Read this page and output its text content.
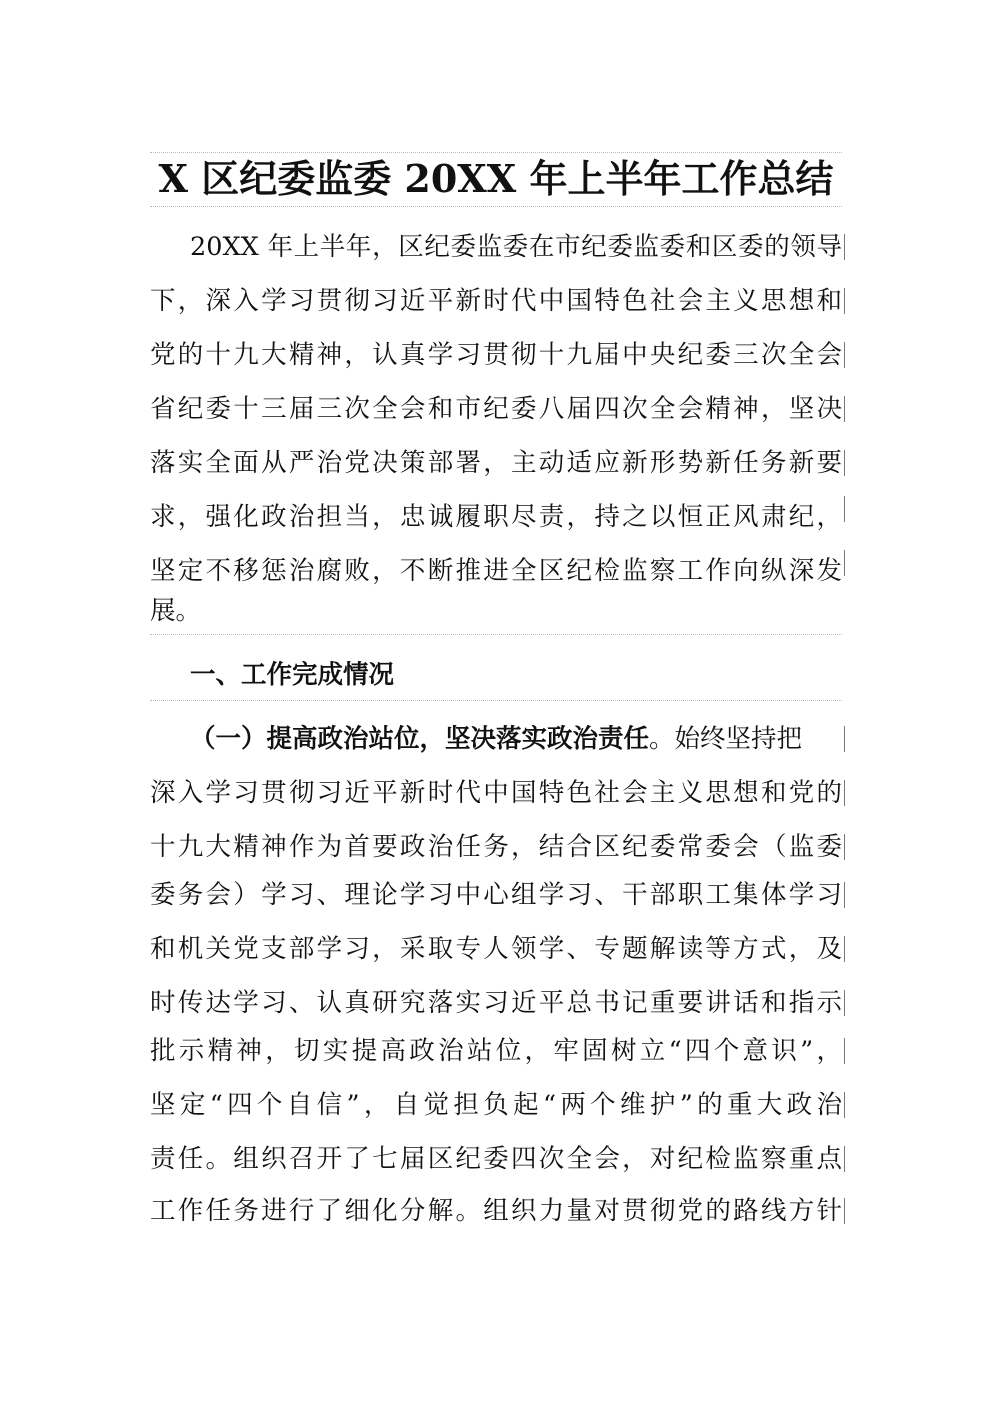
X 区纪委监委 20XX 年上半年工作总结
20XX 年上半年，区纪委监委在市纪委监委和区委的领导
下，深入学习贯彻习近平新时代中国特色社会主义思想和
党的十九大精神，认真学习贯彻十九届中央纪委三次全会
省纪委十三届三次全会和市纪委八届四次全会精神，坚决
落实全面从严治党决策部署，主动适应新形势新任务新要
求，强化政治担当，忠诚履职尽责，持之以恒正风肃纪，
坚定不移惩治腐败，不断推进全区纪检监察工作向纵深发
展。
一、工作完成情况
（一）提高政治站位，坚决落实政治责任。始终坚持把
深入学习贯彻习近平新时代中国特色社会主义思想和党的
十九大精神作为首要政治任务，结合区纪委常委会（监委
委务会）学习、理论学习中心组学习、干部职工集体学习
和机关党支部学习，采取专人领学、专题解读等方式，及
时传达学习、认真研究落实习近平总书记重要讲话和指示
批示精神，切实提高政治站位，牢固树立“四个意识”，
坚定“四个自信”，自觉担负起“两个维护”的重大政治
责任。组织召开了七届区纪委四次全会，对纪检监察重点
工作任务进行了细化分解。组织力量对贯彻党的路线方针
